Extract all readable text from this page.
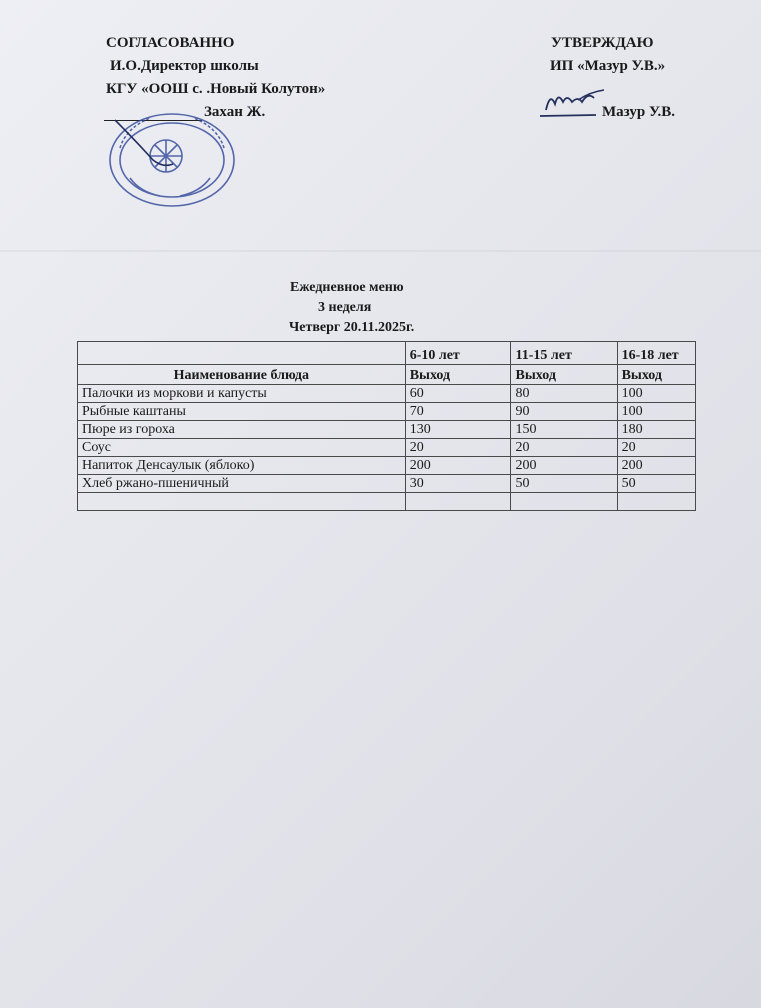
СОГЛАСОВАННО
И.О.Директор школы
КГУ «ООШ с. .Новый Колутон»
Захан Ж.
УТВЕРЖДАЮ
ИП «Мазур У.В.»
Мазур У.В.
Ежедневное меню
3 неделя
Четверг 20.11.2025г.
	6-10 лет	11-15 лет	16-18 лет
Наименование блюда	Выход	Выход	Выход
Палочки из моркови и капусты	60	80	100
Рыбные каштаны	70	90	100
Пюре из гороха	130	150	180
Соус	20	20	20
Напиток Денсаулык (яблоко)	200	200	200
Хлеб ржано-пшеничный	30	50	50
